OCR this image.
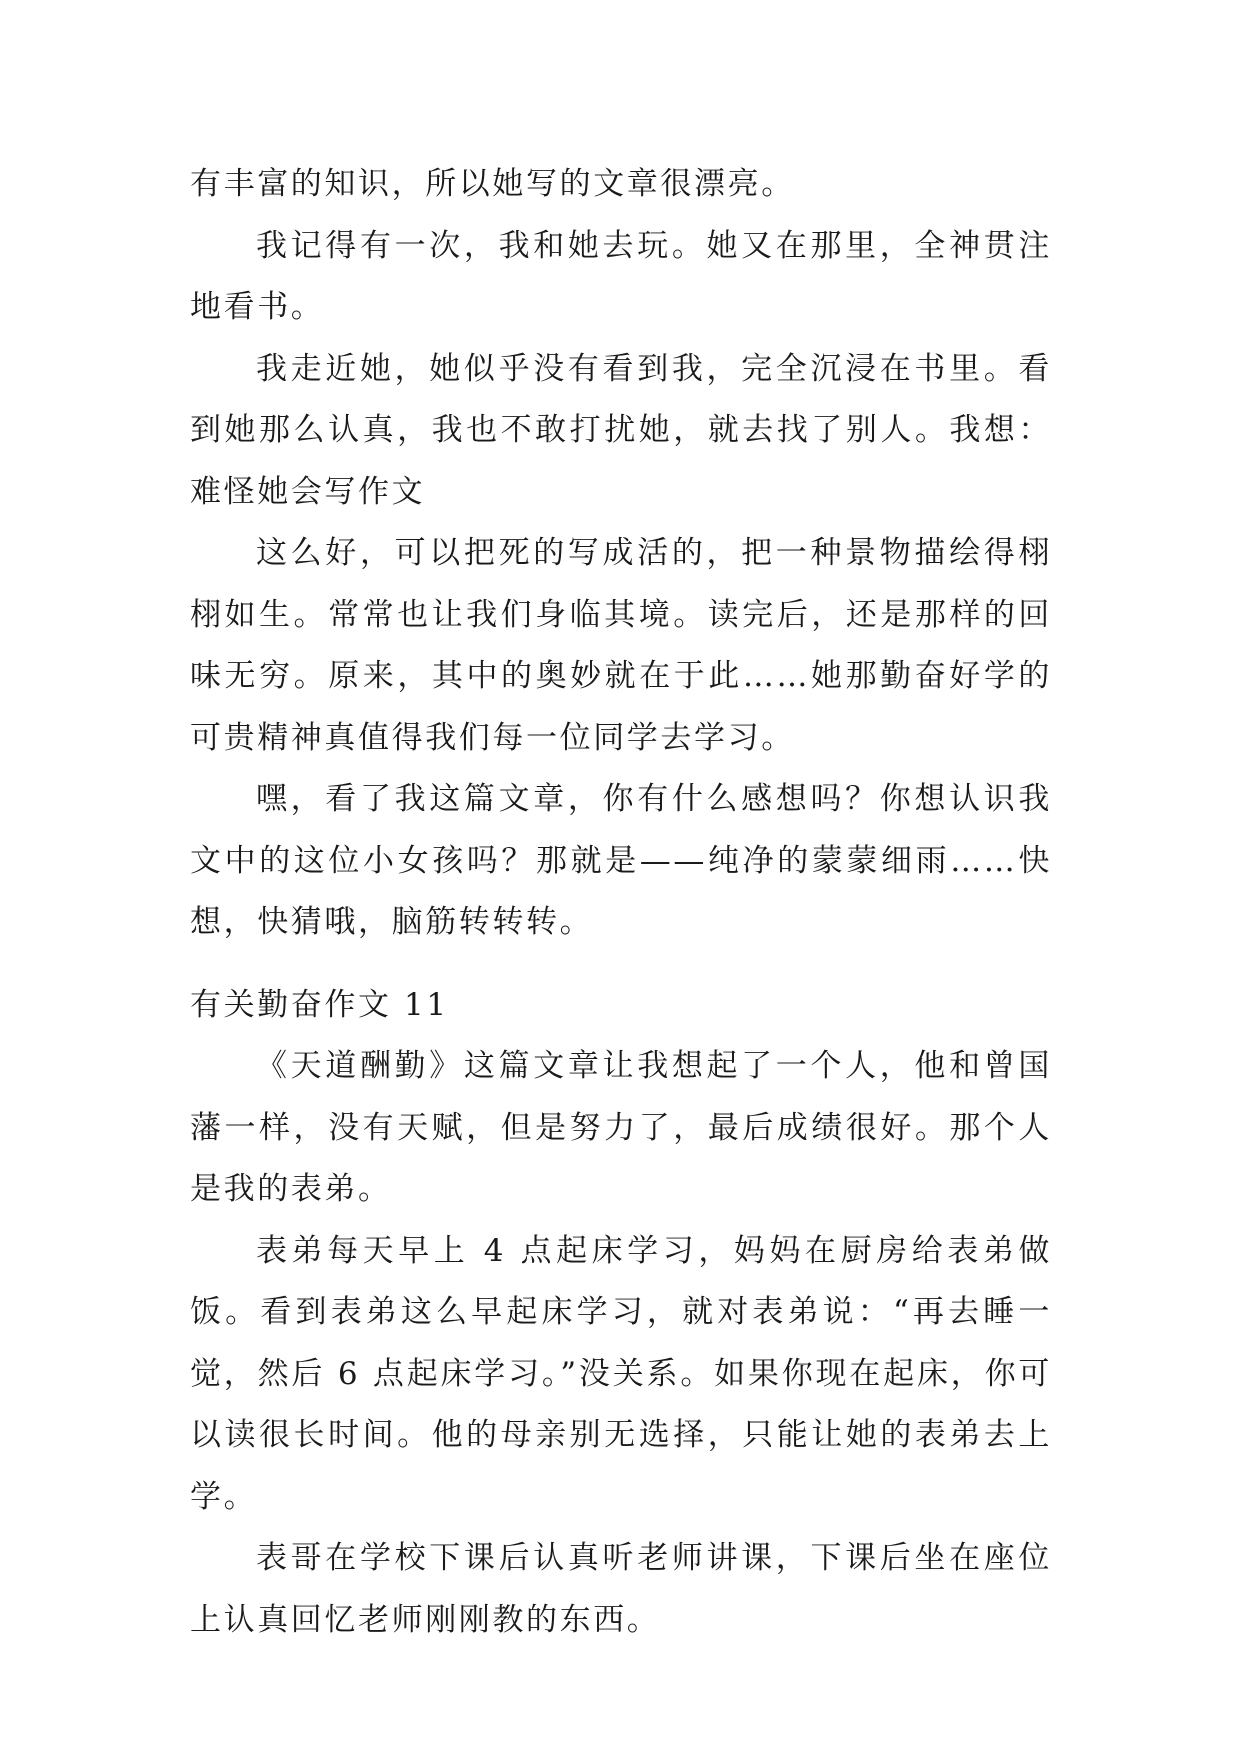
有丰富的知识，所以她写的文章很漂亮。

我记得有一次，我和她去玩。她又在那里，全神贯注地看书。

我走近她，她似乎没有看到我，完全沉浸在书里。看到她那么认真，我也不敢打扰她，就去找了别人。我想：难怪她会写作文

这么好，可以把死的写成活的，把一种景物描绘得栩栩如生。常常也让我们身临其境。读完后，还是那样的回味无穷。原来，其中的奥妙就在于此……她那勤奋好学的可贵精神真值得我们每一位同学去学习。

嘿，看了我这篇文章，你有什么感想吗？你想认识我文中的这位小女孩吗？那就是——纯净的蒙蒙细雨……快想，快猜哦，脑筋转转转。

有关勤奋作文 11

《天道酬勤》这篇文章让我想起了一个人，他和曾国藩一样，没有天赋，但是努力了，最后成绩很好。那个人是我的表弟。

表弟每天早上 4 点起床学习，妈妈在厨房给表弟做饭。看到表弟这么早起床学习，就对表弟说：“再去睡一觉，然后 6 点起床学习。”没关系。如果你现在起床，你可以读很长时间。他的母亲别无选择，只能让她的表弟去上学。

表哥在学校下课后认真听老师讲课，下课后坐在座位上认真回忆老师刚刚教的东西。
